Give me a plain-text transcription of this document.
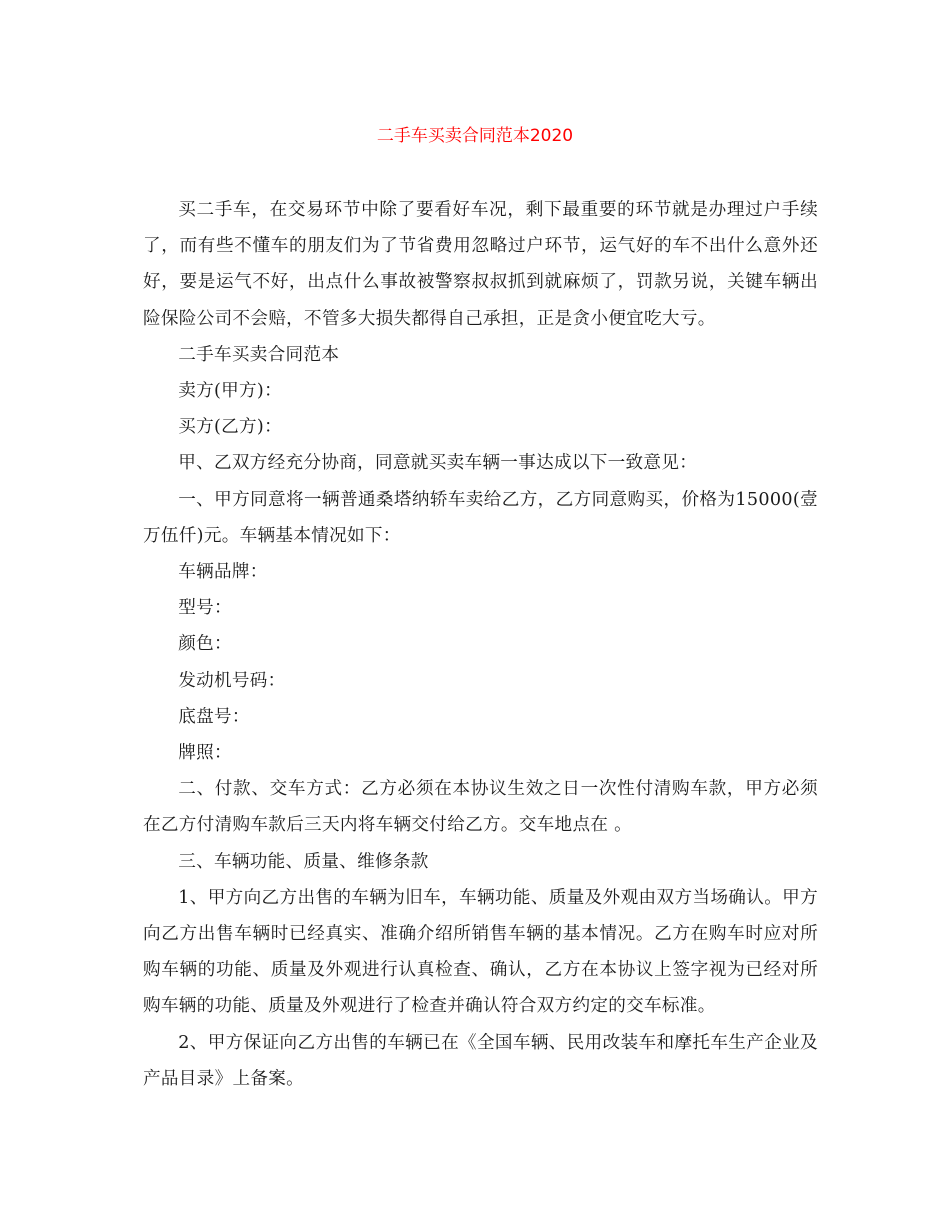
二手车买卖合同范本2020

买二手车，在交易环节中除了要看好车况，剩下最重要的环节就是办理过户手续了，而有些不懂车的朋友们为了节省费用忽略过户环节，运气好的车不出什么意外还好，要是运气不好，出点什么事故被警察叔叔抓到就麻烦了，罚款另说，关键车辆出险保险公司不会赔，不管多大损失都得自己承担，正是贪小便宜吃大亏。

二手车买卖合同范本

卖方(甲方)：

买方(乙方)：

甲、乙双方经充分协商，同意就买卖车辆一事达成以下一致意见：

一、甲方同意将一辆普通桑塔纳轿车卖给乙方，乙方同意购买，价格为15000(壹万伍仟)元。车辆基本情况如下：

车辆品牌：

型号：

颜色：

发动机号码：

底盘号：

牌照：

二、付款、交车方式：乙方必须在本协议生效之日一次性付清购车款，甲方必须在乙方付清购车款后三天内将车辆交付给乙方。交车地点在 。

三、车辆功能、质量、维修条款

1、甲方向乙方出售的车辆为旧车，车辆功能、质量及外观由双方当场确认。甲方向乙方出售车辆时已经真实、准确介绍所销售车辆的基本情况。乙方在购车时应对所购车辆的功能、质量及外观进行认真检查、确认，乙方在本协议上签字视为已经对所购车辆的功能、质量及外观进行了检查并确认符合双方约定的交车标准。

2、甲方保证向乙方出售的车辆已在《全国车辆、民用改装车和摩托车生产企业及产品目录》上备案。
